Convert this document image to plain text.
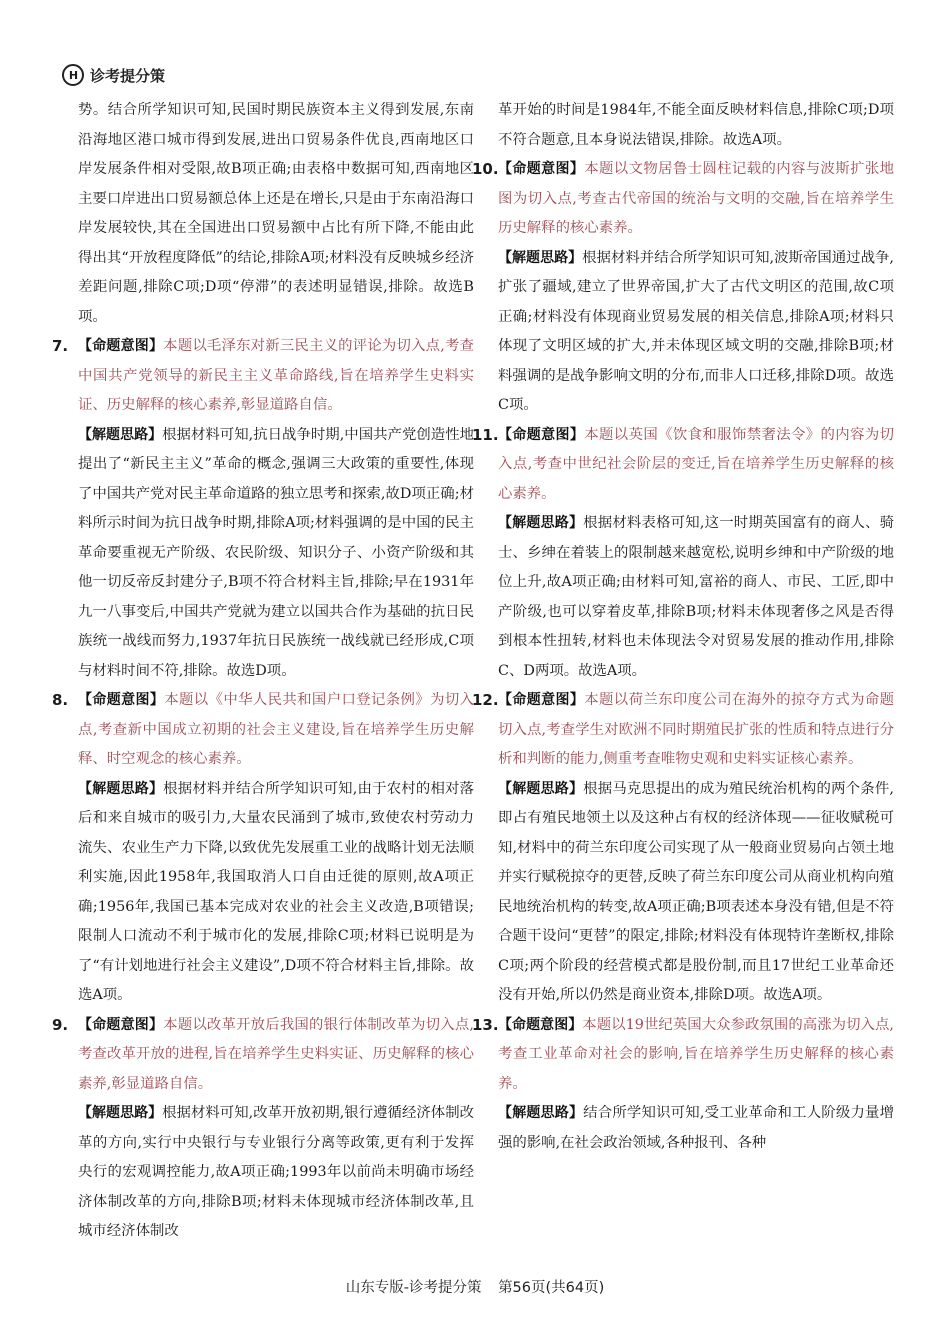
H 诊考提分策

势。结合所学知识可知,民国时期民族资本主义得到发展,东南沿海地区港口城市得到发展,进出口贸易条件优良,西南地区口岸发展条件相对受限,故B项正确;由表格中数据可知,西南地区主要口岸进出口贸易额总体上还是在增长,只是由于东南沿海口岸发展较快,其在全国进出口贸易额中占比有所下降,不能由此得出其“开放程度降低”的结论,排除A项;材料没有反映城乡经济差距问题,排除C项;D项“停滞”的表述明显错误,排除。故选B项。

7. 【命题意图】本题以毛泽东对新三民主义的评论为切入点,考查中国共产党领导的新民主主义革命路线,旨在培养学生史料实证、历史解释的核心素养,彰显道路自信。

【解题思路】根据材料可知,抗日战争时期,中国共产党创造性地提出了“新民主主义”革命的概念,强调三大政策的重要性,体现了中国共产党对民主革命道路的独立思考和探索,故D项正确;材料所示时间为抗日战争时期,排除A项;材料强调的是中国的民主革命要重视无产阶级、农民阶级、知识分子、小资产阶级和其他一切反帝反封建分子,B项不符合材料主旨,排除;早在1931年九一八事变后,中国共产党就为建立以国共合作为基础的抗日民族统一战线而努力,1937年抗日民族统一战线就已经形成,C项与材料时间不符,排除。故选D项。

8. 【命题意图】本题以《中华人民共和国户口登记条例》为切入点,考查新中国成立初期的社会主义建设,旨在培养学生历史解释、时空观念的核心素养。

【解题思路】根据材料并结合所学知识可知,由于农村的相对落后和来自城市的吸引力,大量农民涌到了城市,致使农村劳动力流失、农业生产力下降,以致优先发展重工业的战略计划无法顺利实施,因此1958年,我国取消人口自由迁徙的原则,故A项正确;1956年,我国已基本完成对农业的社会主义改造,B项错误;限制人口流动不利于城市化的发展,排除C项;材料已说明是为了“有计划地进行社会主义建设”,D项不符合材料主旨,排除。故选A项。

9. 【命题意图】本题以改革开放后我国的银行体制改革为切入点,考查改革开放的进程,旨在培养学生史料实证、历史解释的核心素养,彰显道路自信。

【解题思路】根据材料可知,改革开放初期,银行遵循经济体制改革的方向,实行中央银行与专业银行分离等政策,更有利于发挥央行的宏观调控能力,故A项正确;1993年以前尚未明确市场经济体制改革的方向,排除B项;材料未体现城市经济体制改革,且城市经济体制改

革开始的时间是1984年,不能全面反映材料信息,排除C项;D项不符合题意,且本身说法错误,排除。故选A项。

10. 【命题意图】本题以文物居鲁士圆柱记载的内容与波斯扩张地图为切入点,考查古代帝国的统治与文明的交融,旨在培养学生历史解释的核心素养。

【解题思路】根据材料并结合所学知识可知,波斯帝国通过战争,扩张了疆域,建立了世界帝国,扩大了古代文明区的范围,故C项正确;材料没有体现商业贸易发展的相关信息,排除A项;材料只体现了文明区域的扩大,并未体现区域文明的交融,排除B项;材料强调的是战争影响文明的分布,而非人口迁移,排除D项。故选C项。

11. 【命题意图】本题以英国《饮食和服饰禁奢法令》的内容为切入点,考查中世纪社会阶层的变迁,旨在培养学生历史解释的核心素养。

【解题思路】根据材料表格可知,这一时期英国富有的商人、骑士、乡绅在着装上的限制越来越宽松,说明乡绅和中产阶级的地位上升,故A项正确;由材料可知,富裕的商人、市民、工匠,即中产阶级,也可以穿着皮革,排除B项;材料未体现奢侈之风是否得到根本性扭转,材料也未体现法令对贸易发展的推动作用,排除C、D两项。故选A项。

12. 【命题意图】本题以荷兰东印度公司在海外的掠夺方式为命题切入点,考查学生对欧洲不同时期殖民扩张的性质和特点进行分析和判断的能力,侧重考查唯物史观和史料实证核心素养。

【解题思路】根据马克思提出的成为殖民统治机构的两个条件,即占有殖民地领土以及这种占有权的经济体现——征收赋税可知,材料中的荷兰东印度公司实现了从一般商业贸易向占领土地并实行赋税掠夺的更替,反映了荷兰东印度公司从商业机构向殖民地统治机构的转变,故A项正确;B项表述本身没有错,但是不符合题干设问“更替”的限定,排除;材料没有体现特许垄断权,排除C项;两个阶段的经营模式都是股份制,而且17世纪工业革命还没有开始,所以仍然是商业资本,排除D项。故选A项。

13. 【命题意图】本题以19世纪英国大众参政氛围的高涨为切入点,考查工业革命对社会的影响,旨在培养学生历史解释的核心素养。

【解题思路】结合所学知识可知,受工业革命和工人阶级力量增强的影响,在社会政治领域,各种报刊、各种

山东专版-诊考提分策 第56页(共64页)
